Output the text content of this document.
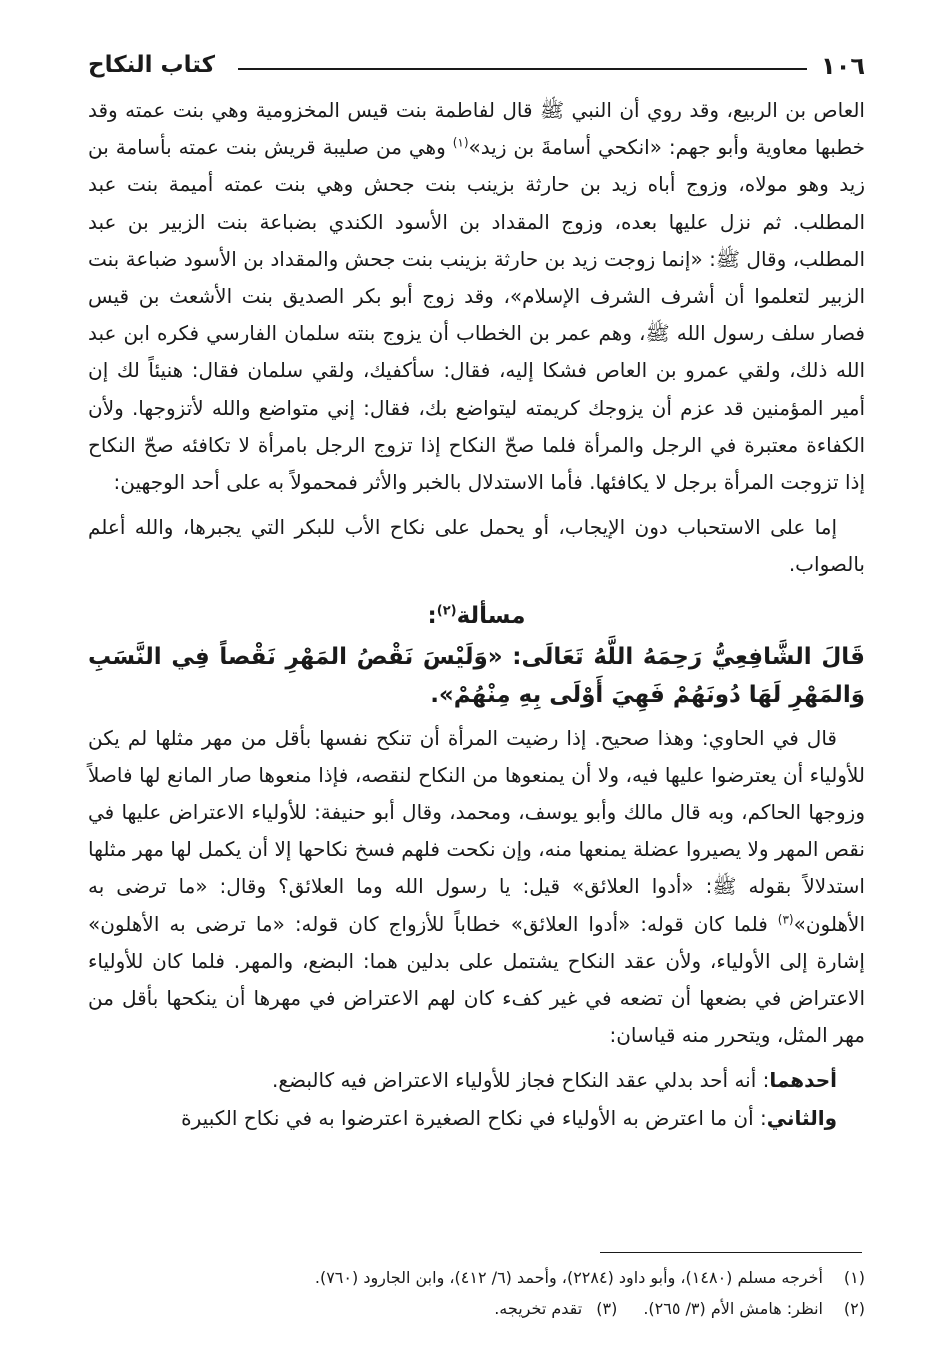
١٠٦
كتاب النكاح

العاص بن الربيع، وقد روي أن النبي ﷺ قال لفاطمة بنت قيس المخزومية وهي بنت عمته وقد خطبها معاوية وأبو جهم: «انكحي أسامةَ بن زيد»$^{(١)}$ وهي من صليبة قريش بنت عمته بأسامة بن زيد وهو مولاه، وزوج أباه زيد بن حارثة بزينب بنت جحش وهي بنت عمته أميمة بنت عبد المطلب. ثم نزل عليها بعده، وزوج المقداد بن الأسود الكندي بضباعة بنت الزبير بن عبد المطلب، وقال ﷺ: «إنما زوجت زيد بن حارثة بزينب بنت جحش والمقداد بن الأسود ضباعة بنت الزبير لتعلموا أن أشرف الشرف الإسلام»، وقد زوج أبو بكر الصديق بنت الأشعث بن قيس فصار سلف رسول الله ﷺ، وهم عمر بن الخطاب أن يزوج بنته سلمان الفارسي فكره ابن عبد الله ذلك، ولقي عمرو بن العاص فشكا إليه، فقال: سأكفيك، ولقي سلمان فقال: هنيئاً لك إن أمير المؤمنين قد عزم أن يزوجك كريمته ليتواضع بك، فقال: إني متواضع والله لأتزوجها. ولأن الكفاءة معتبرة في الرجل والمرأة فلما صحّ النكاح إذا تزوج الرجل بامرأة لا تكافئه صحّ النكاح إذا تزوجت المرأة برجل لا يكافئها. فأما الاستدلال بالخبر والأثر فمحمولاً به على أحد الوجهين:

إما على الاستحباب دون الإيجاب، أو يحمل على نكاح الأب للبكر التي يجبرها، والله أعلم بالصواب.

مسألة$^{(٢)}$:

قَالَ الشَّافِعِيُّ رَحِمَهُ اللَّهُ تَعَالَى: «وَلَيْسَ نَقْصُ المَهْرِ نَقْصاً فِي النَّسَبِ وَالمَهْرِ لَهَا دُونَهُمْ فَهِيَ أَوْلَى بِهِ مِنْهُمْ».

قال في الحاوي: وهذا صحيح. إذا رضيت المرأة أن تنكح نفسها بأقل من مهر مثلها لم يكن للأولياء أن يعترضوا عليها فيه، ولا أن يمنعوها من النكاح لنقصه، فإذا منعوها صار المانع لها فاصلاً وزوجها الحاكم، وبه قال مالك وأبو يوسف، ومحمد، وقال أبو حنيفة: للأولياء الاعتراض عليها في نقص المهر ولا يصيروا عضلة يمنعها منه، وإن نكحت فلهم فسخ نكاحها إلا أن يكمل لها مهر مثلها استدلالاً بقوله ﷺ: «أدوا العلائق» قيل: يا رسول الله وما العلائق؟ وقال: «ما ترضى به الأهلون»$^{(٣)}$ فلما كان قوله: «أدوا العلائق» خطاباً للأزواج كان قوله: «ما ترضى به الأهلون» إشارة إلى الأولياء، ولأن عقد النكاح يشتمل على بدلين هما: البضع، والمهر. فلما كان للأولياء الاعتراض في بضعها أن تضعه في غير كفء كان لهم الاعتراض في مهرها أن ينكحها بأقل من مهر المثل، ويتحرر منه قياسان:

أحدهما: أنه أحد بدلي عقد النكاح فجاز للأولياء الاعتراض فيه كالبضع.

والثاني: أن ما اعترض به الأولياء في نكاح الصغيرة اعترضوا به في نكاح الكبيرة

(١)أخرجه مسلم (١٤٨٠)، وأبو داود (٢٢٨٤)، وأحمد (٦/ ٤١٢)، وابن الجارود (٧٦٠).
(٢)انظر: هامش الأم (٣/ ٢٦٥).(٣)تقدم تخريجه.
